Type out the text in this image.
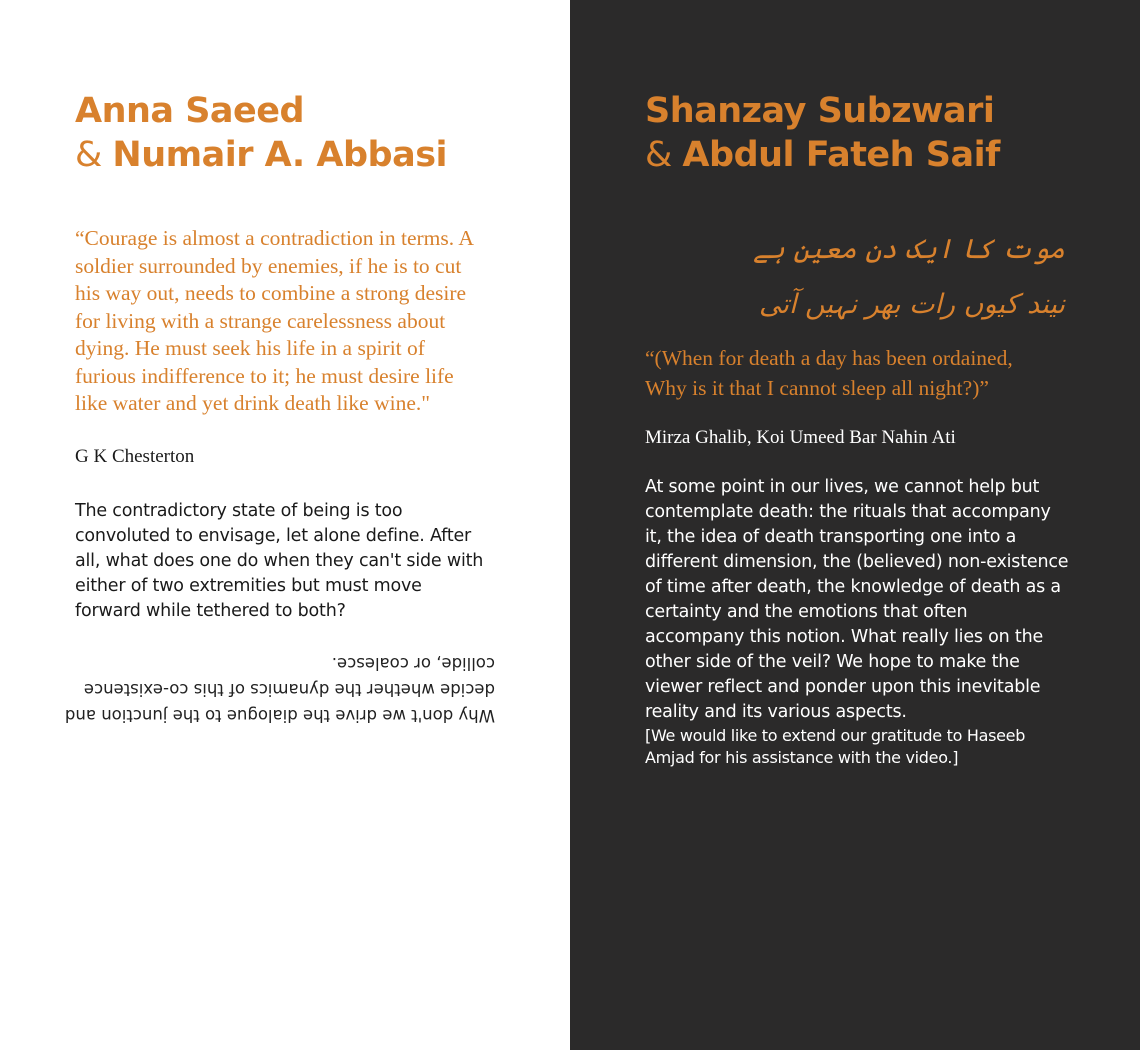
Anna Saeed
& Numair A. Abbasi
“Courage is almost a contradiction in terms. A soldier surrounded by enemies, if he is to cut his way out, needs to combine a strong desire for living with a strange carelessness about dying. He must seek his life in a spirit of furious indifference to it; he must desire life like water and yet drink death like wine."
G K Chesterton
The contradictory state of being is too convoluted to envisage, let alone define. After all, what does one do when they can't side with either of two extremities but must move forward while tethered to both?
Why don't we drive the dialogue to the junction and
decide whether the dynamics of this co-existence
collide, or coalesce.
Shanzay Subzwari
& Abdul Fateh Saif
موت کا ایک دن معین ہے
نیند کیوں رات بھر نہیں آتی
“(When for death a day has been ordained, Why is it that I cannot sleep all night?)”
Mirza Ghalib, Koi Umeed Bar Nahin Ati
At some point in our lives, we cannot help but contemplate death: the rituals that accompany it, the idea of death transporting one into a different dimension, the (believed) non-existence of time after death, the knowledge of death as a certainty and the emotions that often accompany this notion. What really lies on the other side of the veil? We hope to make the viewer reflect and ponder upon this inevitable reality and its various aspects.
[We would like to extend our gratitude to Haseeb Amjad for his assistance with the video.]
